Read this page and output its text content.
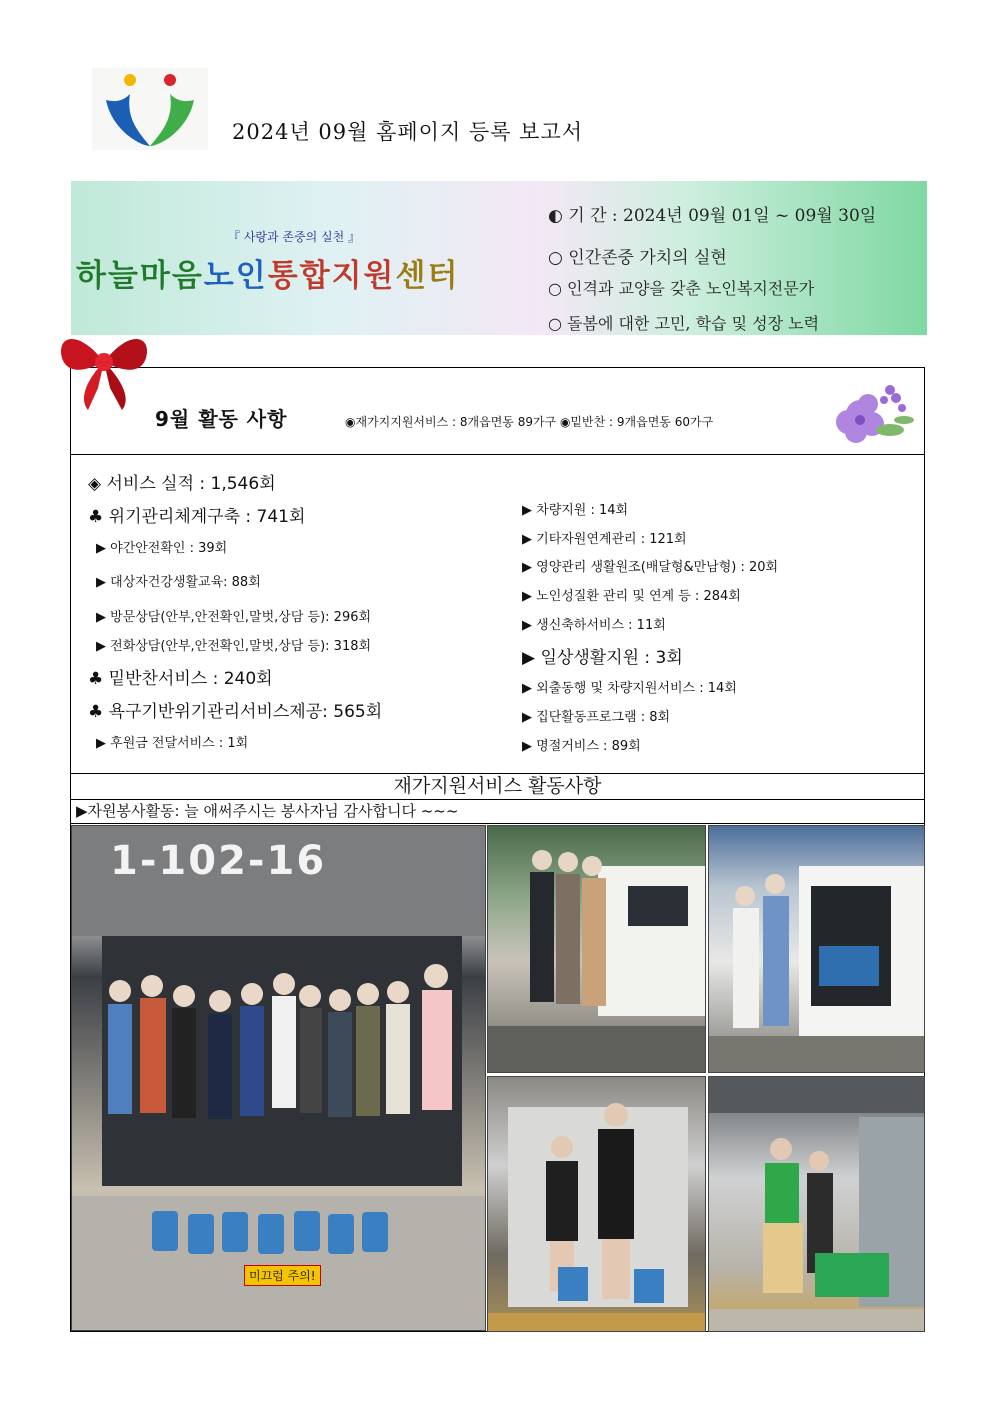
2024년 09월 홈페이지 등록 보고서
『 사랑과 존중의 실천 』
하늘마음노인통합지원센터
◐ 기 간 : 2024년 09월 01일 ~ 09월 30일
○ 인간존중 가치의 실현
○ 인격과 교양을 갖춘 노인복지전문가
○ 돌봄에 대한 고민, 학습 및 성장 노력
9월 활동 사항	◉재가지지원서비스 : 8개읍면동 89가구 ◉밑반찬 : 9개읍면동 60가구
◈ 서비스 실적 : 1,546회
♣ 위기관리체계구축 : 741회
▶ 야간안전확인 : 39회
▶ 대상자건강생활교육: 88회
▶ 방문상담(안부,안전확인,말벗,상담 등): 296회
▶ 전화상담(안부,안전확인,말벗,상담 등): 318회
♣ 밑반찬서비스 : 240회
♣ 욕구기반위기관리서비스제공: 565회
▶ 후원금 전달서비스 : 1회
▶ 차량지원 : 14회
▶ 기타자원연계관리 : 121회
▶ 영양관리 생활원조(배달형&만남형) : 20회
▶ 노인성질환 관리 및 연계 등 : 284회
▶ 생신축하서비스 : 11회
▶ 일상생활지원 : 3회
▶ 외출동행 및 차량지원서비스 : 14회
▶ 집단활동프로그램 : 8회
▶ 명절거비스 : 89회
재가지원서비스 활동사항
▶자원봉사활동: 늘 애써주시는 봉사자님 감사합니다 ~~~
1-102-16
미끄럼 주의!
